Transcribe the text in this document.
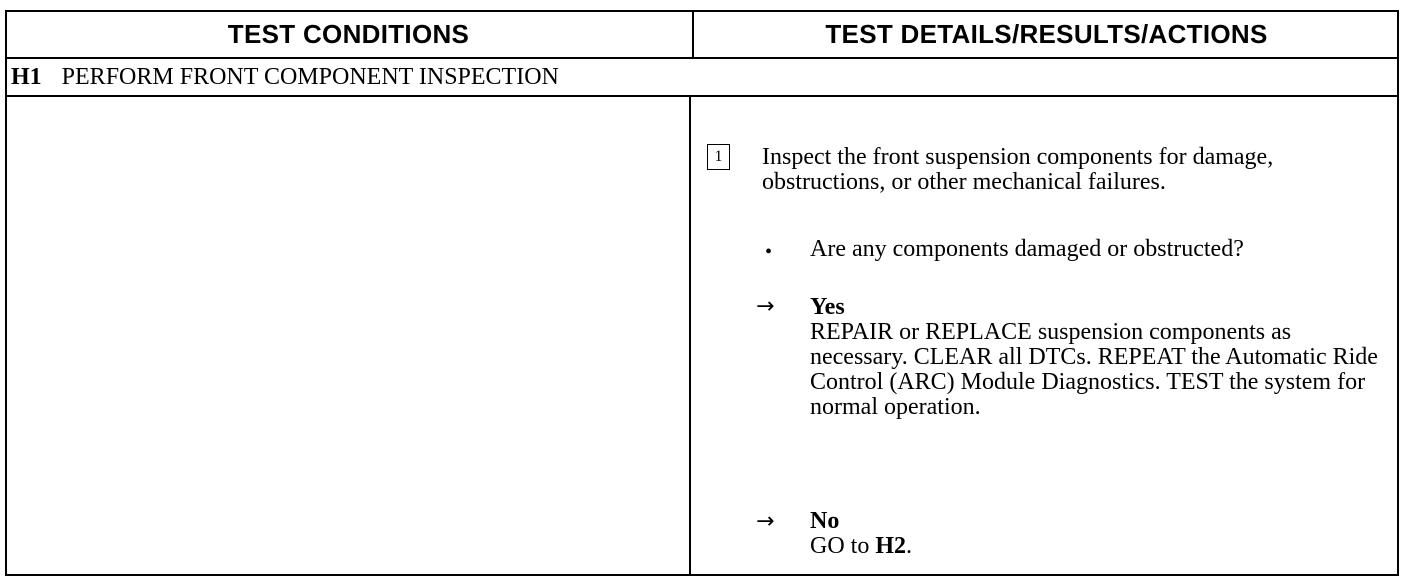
TEST CONDITIONS	TEST DETAILS/RESULTS/ACTIONS
H1 PERFORM FRONT COMPONENT INSPECTION
1	Inspect the front suspension components for damage, obstructions, or other mechanical failures.
• Are any components damaged or obstructed?
→ Yes
REPAIR or REPLACE suspension components as necessary. CLEAR all DTCs. REPEAT the Automatic Ride Control (ARC) Module Diagnostics. TEST the system for normal operation.
→ No
GO to H2.
